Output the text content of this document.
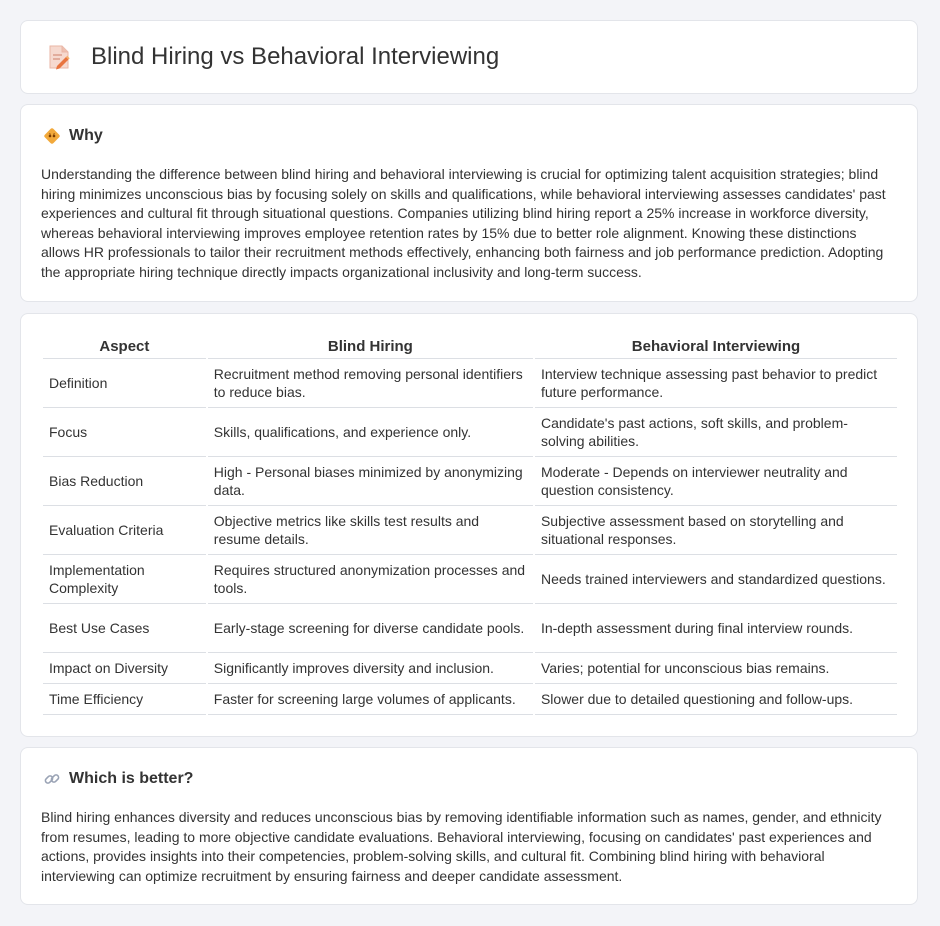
Blind Hiring vs Behavioral Interviewing
Why
Understanding the difference between blind hiring and behavioral interviewing is crucial for optimizing talent acquisition strategies; blind hiring minimizes unconscious bias by focusing solely on skills and qualifications, while behavioral interviewing assesses candidates' past experiences and cultural fit through situational questions. Companies utilizing blind hiring report a 25% increase in workforce diversity, whereas behavioral interviewing improves employee retention rates by 15% due to better role alignment. Knowing these distinctions allows HR professionals to tailor their recruitment methods effectively, enhancing both fairness and job performance prediction. Adopting the appropriate hiring technique directly impacts organizational inclusivity and long-term success.
Aspect	Blind Hiring	Behavioral Interviewing
Definition	Recruitment method removing personal identifiers to reduce bias.	Interview technique assessing past behavior to predict future performance.
Focus	Skills, qualifications, and experience only.	Candidate's past actions, soft skills, and problem-solving abilities.
Bias Reduction	High - Personal biases minimized by anonymizing data.	Moderate - Depends on interviewer neutrality and question consistency.
Evaluation Criteria	Objective metrics like skills test results and resume details.	Subjective assessment based on storytelling and situational responses.
Implementation Complexity	Requires structured anonymization processes and tools.	Needs trained interviewers and standardized questions.
Best Use Cases	Early-stage screening for diverse candidate pools.	In-depth assessment during final interview rounds.
Impact on Diversity	Significantly improves diversity and inclusion.	Varies; potential for unconscious bias remains.
Time Efficiency	Faster for screening large volumes of applicants.	Slower due to detailed questioning and follow-ups.
Which is better?
Blind hiring enhances diversity and reduces unconscious bias by removing identifiable information such as names, gender, and ethnicity from resumes, leading to more objective candidate evaluations. Behavioral interviewing, focusing on candidates' past experiences and actions, provides insights into their competencies, problem-solving skills, and cultural fit. Combining blind hiring with behavioral interviewing can optimize recruitment by ensuring fairness and deeper candidate assessment.
